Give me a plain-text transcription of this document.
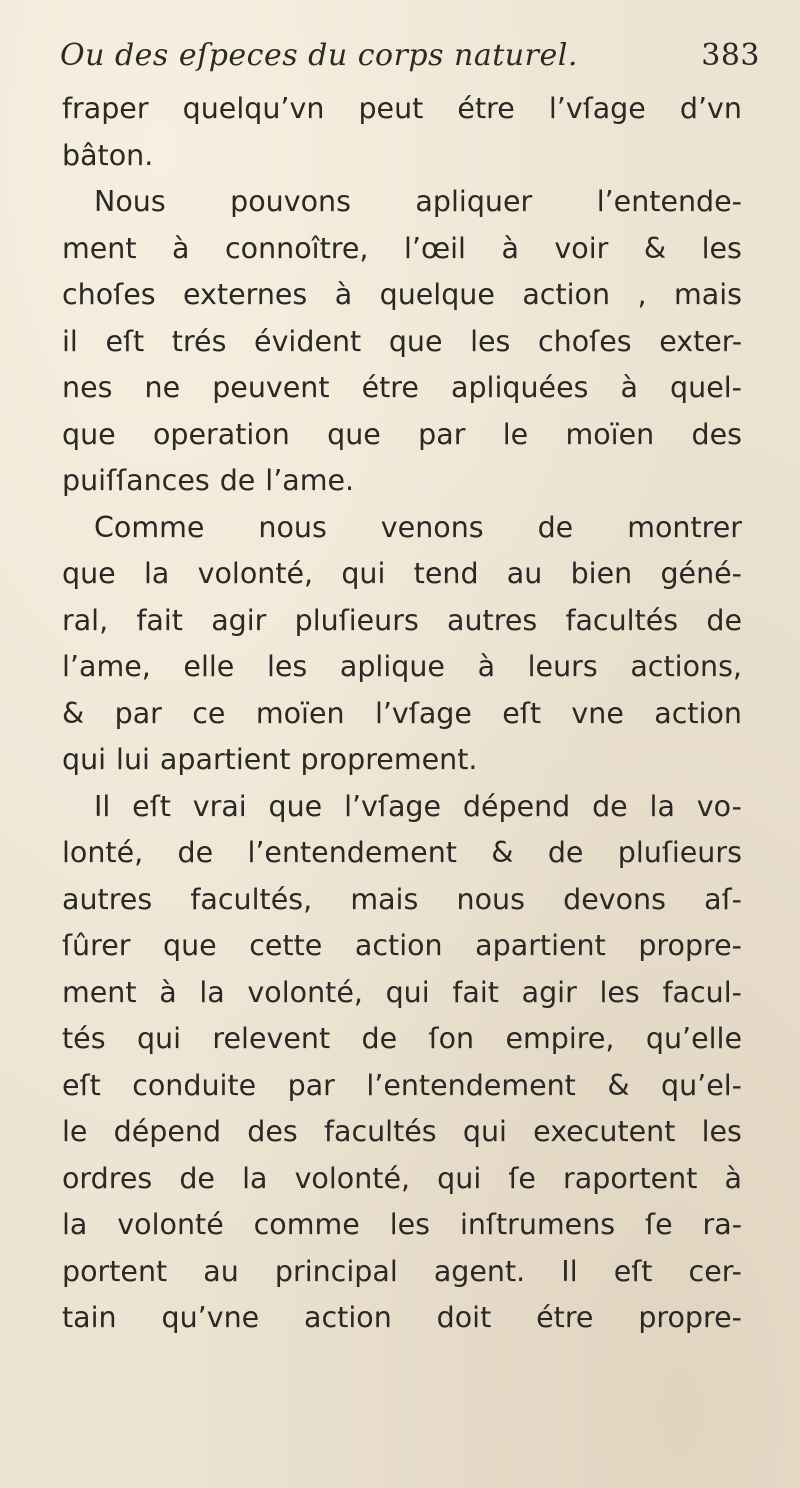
Ou des eſpeces du corps naturel.	383
fraper quelqu’vn peut étre l’vſage d’vn
bâton.
Nous pouvons apliquer l’entende-
ment à connoître, l’œil à voir & les
choſes externes à quelque action , mais
il eſt trés évident que les choſes exter-
nes ne peuvent étre apliquées à quel-
que operation que par le moïen des
puiſſances de l’ame.
Comme nous venons de montrer
que la volonté, qui tend au bien géné-
ral, fait agir pluſieurs autres facultés de
l’ame, elle les aplique à leurs actions,
& par ce moïen l’vſage eſt vne action
qui lui apartient proprement.
Il eſt vrai que l’vſage dépend de la vo-
lonté, de l’entendement & de pluſieurs
autres facultés, mais nous devons aſ-
ſûrer que cette action apartient propre-
ment à la volonté, qui fait agir les facul-
tés qui relevent de ſon empire, qu’elle
eſt conduite par l’entendement & qu’el-
le dépend des facultés qui executent les
ordres de la volonté, qui ſe raportent à
la volonté comme les inſtrumens ſe ra-
portent au principal agent. Il eſt cer-
tain qu’vne action doit étre propre-
